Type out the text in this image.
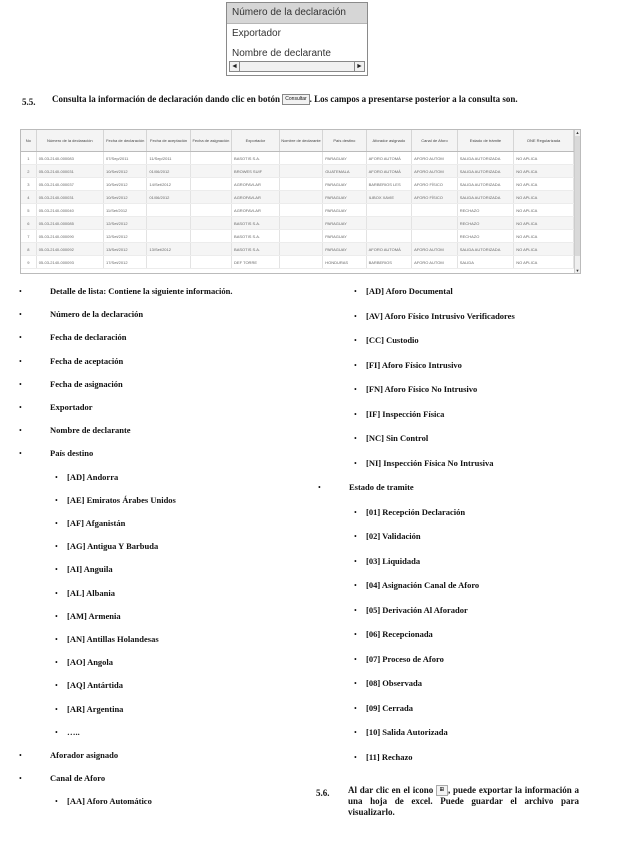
Número de la declaración
Exportador
Nombre de declarante
◄	►
5.5. Consulta la información de declaración dando clic en botón Consultar . Los campos a presentarse posterior a la consulta son.
No	Número de la declaración	Fecha de declaración	Fecha de aceptación	Fecha de asignación	Exportador	Nombre de declarante	País destino	Aforador asignado	Canal de Aforo	Estado de trámite	ONE Regularizada
1	05-03-2140-000083	07/Sep/2011	11/Sep/2011		BASOTIS S.A.		PARAGUAY	AFORO AUTOMÁ	AFORO AUTOM	SALIDA AUTORIZADA	NO APLICA
2	05-03-2140-000031	10/Set/2012	01/06/2012		BROWES SUIF		GUATEMALA	AFORO AUTOMÁ	AFORO AUTOM	SALIDA AUTORIZADA	NO APLICA
3	05-03-2140-000037	10/Set/2012	14/Set/2012		AGROFAVLAR		PARAGUAY	BARBERIOS LES	AFORO FÍSICO	SALIDA AUTORIZADA	NO APLICA
4	05-03-2140-000031	10/Set/2012	01/06/2012		AGROFAVLAR		PARAGUAY	ILIBOX XAVIE	AFORO FÍSICO	SALIDA AUTORIZADA	NO APLICA
5	05-03-2140-000040	11/Set/2012			AGROFAVLAR		PARAGUAY			RECHAZO	NO APLICA
6	05-03-2140-000085	12/Set/2012			BASOTIS S.A.		PARAGUAY			RECHAZO	NO APLICA
7	05-03-2140-000090	12/Set/2012			BASOTIS S.A.		PARAGUAY			RECHAZO	NO APLICA
8	05-03-2140-000092	13/Set/2012	13/Set/2012		BASOTIS S.A.		PARAGUAY	AFORO AUTOMÁ	AFORO AUTOM	SALIDA AUTORIZADA	NO APLICA
9	05-03-2140-000093	17/Set/2012			DEF TORRE		HONDURAS	BARBERIOS	AFORO AUTOM	SALIDA	NO APLICA
▲
▼
•	Detalle de lista: Contiene la siguiente información.
•	Número de la declaración
•	Fecha de declaración
•	Fecha de aceptación
•	Fecha de asignación
•	Exportador
•	Nombre de declarante
•	País destino
• [AD] Andorra
• [AE] Emiratos Árabes Unidos
• [AF] Afganistán
• [AG] Antigua Y Barbuda
• [AI] Anguila
• [AL] Albania
• [AM] Armenia
• [AN] Antillas Holandesas
• [AO] Angola
• [AQ] Antártida
• [AR] Argentina
• …..
•	Aforador asignado
•	Canal de Aforo
• [AA] Aforo Automático
• [AD] Aforo Documental
• [AV] Aforo Físico Intrusivo Verificadores
• [CC] Custodio
• [FI] Aforo Físico Intrusivo
• [FN] Aforo Físico No Intrusivo
• [IF] Inspección Física
• [NC] Sin Control
• [NI] Inspección Física No Intrusiva
•	Estado de tramite
• [01] Recepción Declaración
• [02] Validación
• [03] Liquidada
• [04] Asignación Canal de Aforo
• [05] Derivación Al Aforador
• [06] Recepcionada
• [07] Proceso de Aforo
• [08] Observada
• [09] Cerrada
• [10] Salida Autorizada
• [11] Rechazo
5.6. Al dar clic en el icono ⊞ , puede exportar la información a una hoja de excel. Puede guardar el archivo para visualizarlo.
